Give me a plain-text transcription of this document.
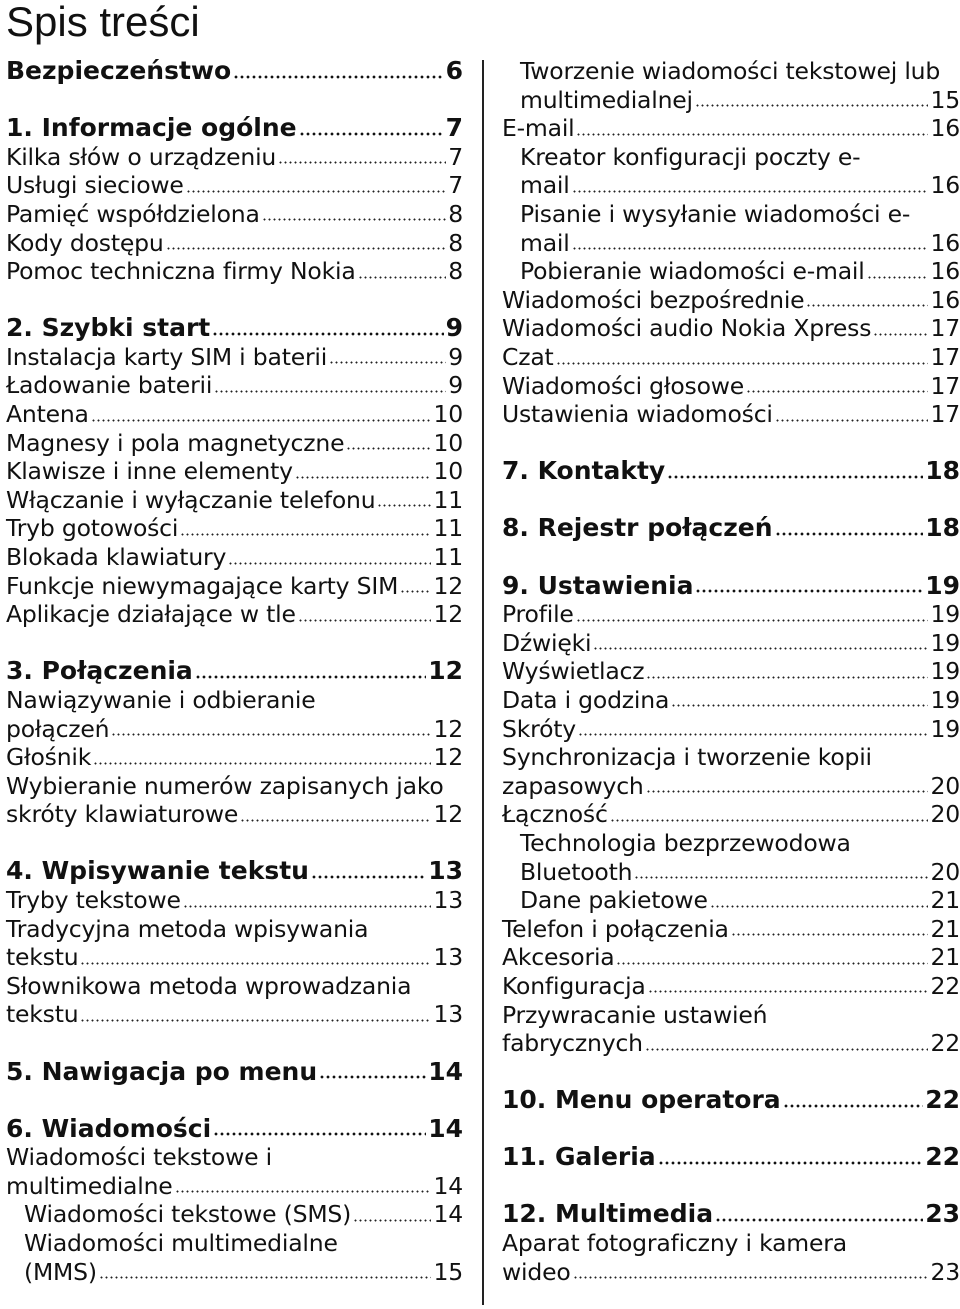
Spis treści
Bezpieczeństwo	6
1. Informacje ogólne	7
Kilka słów o urządzeniu	7
Usługi sieciowe	7
Pamięć współdzielona	8
Kody dostępu	8
Pomoc techniczna firmy Nokia	8
2. Szybki start	9
Instalacja karty SIM i baterii	9
Ładowanie baterii	9
Antena	10
Magnesy i pola magnetyczne	10
Klawisze i inne elementy	10
Włączanie i wyłączanie telefonu 11
Tryb gotowości	11
Blokada klawiatury	11
Funkcje niewymagające karty SIM 12
Aplikacje działające w tle	12
3. Połączenia	12
Nawiązywanie i odbieranie
połączeń	12
Głośnik	12
Wybieranie numerów zapisanych jako
skróty klawiaturowe	12
4. Wpisywanie tekstu	13
Tryby tekstowe	13
Tradycyjna metoda wpisywania
tekstu	13
Słownikowa metoda wprowadzania
tekstu	13
5. Nawigacja po menu	14
6. Wiadomości	14
Wiadomości tekstowe i
multimedialne	14
Wiadomości tekstowe (SMS)	14
Wiadomości multimedialne
(MMS)	15
Tworzenie wiadomości tekstowej lub
multimedialnej	15
E-mail	16
Kreator konfiguracji poczty e-
mail	16
Pisanie i wysyłanie wiadomości e-
mail	16
Pobieranie wiadomości e-mail	16
Wiadomości bezpośrednie	16
Wiadomości audio Nokia Xpress	17
Czat	17
Wiadomości głosowe	17
Ustawienia wiadomości	17
7. Kontakty	18
8. Rejestr połączeń	18
9. Ustawienia	19
Profile	19
Dźwięki	19
Wyświetlacz	19
Data i godzina	19
Skróty	19
Synchronizacja i tworzenie kopii
zapasowych	20
Łączność	20
Technologia bezprzewodowa
Bluetooth	20
Dane pakietowe	21
Telefon i połączenia	21
Akcesoria	21
Konfiguracja	22
Przywracanie ustawień
fabrycznych	22
10. Menu operatora	22
11. Galeria	22
12. Multimedia	23
Aparat fotograficzny i kamera
wideo	23
